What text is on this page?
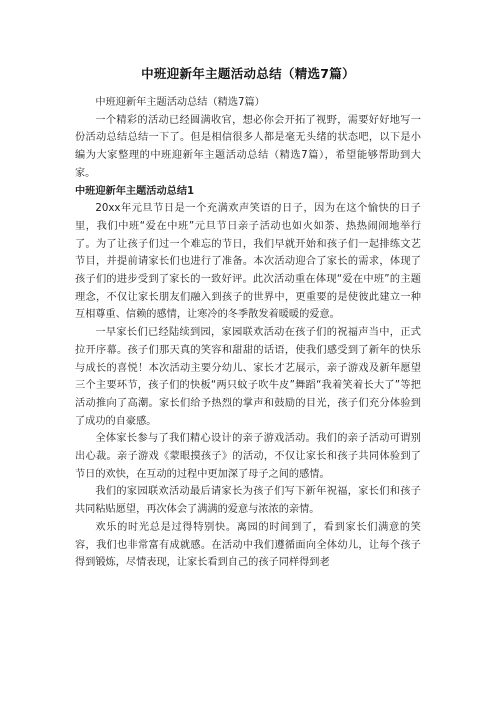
中班迎新年主题活动总结（精选7篇）

中班迎新年主题活动总结（精选7篇）

一个精彩的活动已经圆满收官，想必你会开拓了视野，需要好好地写一份活动总结总结一下了。但是相信很多人都是毫无头绪的状态吧，以下是小编为大家整理的中班迎新年主题活动总结（精选7篇），希望能够帮助到大家。

中班迎新年主题活动总结1

20xx年元旦节日是一个充满欢声笑语的日子，因为在这个愉快的日子里，我们中班“爱在中班”元旦节日亲子活动也如火如荼、热热闹闹地举行了。为了让孩子们过一个难忘的节日，我们早就开始和孩子们一起排练文艺节目，并提前请家长们也进行了准备。本次活动迎合了家长的需求，体现了孩子们的进步受到了家长的一致好评。此次活动重在体现“爱在中班”的主题理念，不仅让家长朋友们融入到孩子的世界中，更重要的是使彼此建立一种互相尊重、信赖的感情，让寒冷的冬季散发着暖暖的爱意。

一早家长们已经陆续到园，家园联欢活动在孩子们的祝福声当中，正式拉开序幕。孩子们那天真的笑容和甜甜的话语，使我们感受到了新年的快乐与成长的喜悦！本次活动主要分幼儿、家长才艺展示，亲子游戏及新年愿望三个主要环节，孩子们的快板“两只蚊子吹牛皮”舞蹈“我着笑着长大了”等把活动推向了高潮。家长们给予热烈的掌声和鼓励的目光，孩子们充分体验到了成功的自豪感。

全体家长参与了我们精心设计的亲子游戏活动。我们的亲子活动可谓别出心裁。亲子游戏《蒙眼摸孩子》的活动，不仅让家长和孩子共同体验到了节日的欢快，在互动的过程中更加深了母子之间的感情。

我们的家园联欢活动最后请家长为孩子们写下新年祝福，家长们和孩子共同粘贴愿望，再次体会了满满的爱意与浓浓的亲情。

欢乐的时光总是过得特别快。离园的时间到了，看到家长们满意的笑容，我们也非常富有成就感。在活动中我们遵循面向全体幼儿，让每个孩子得到锻炼，尽情表现，让家长看到自己的孩子同样得到老
